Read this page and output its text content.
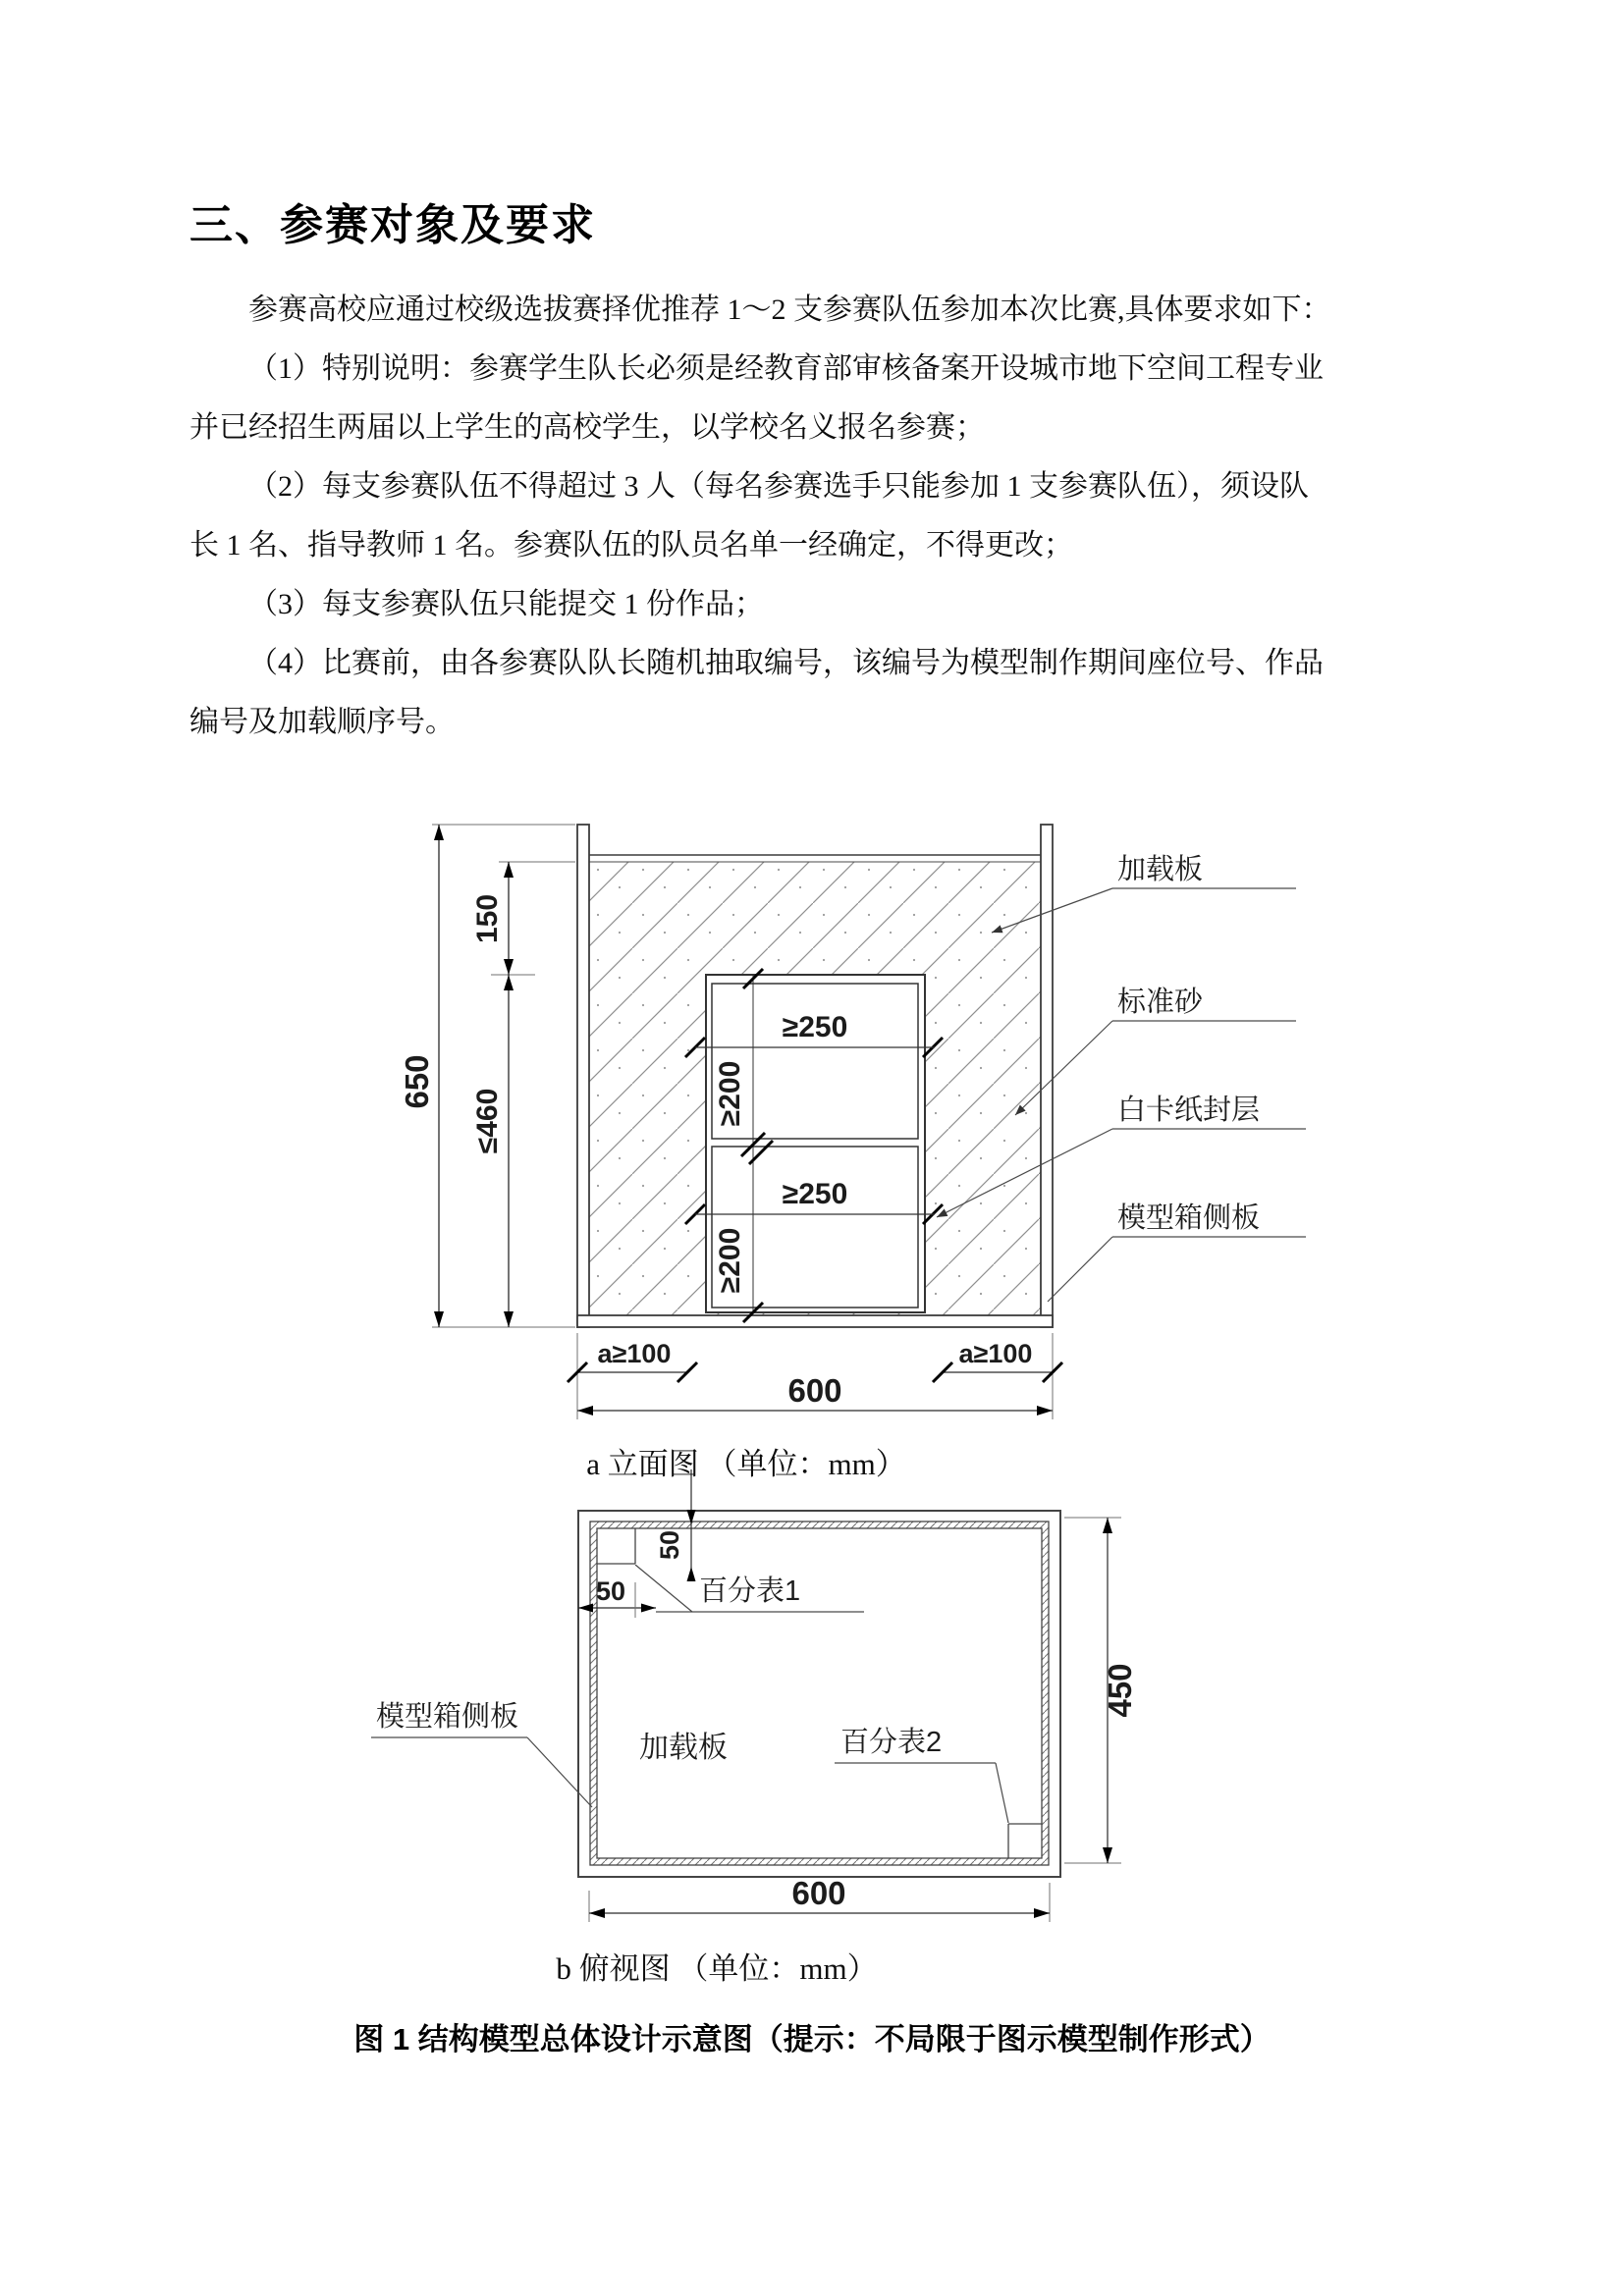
三、参赛对象及要求
参赛高校应通过校级选拔赛择优推荐 1～2 支参赛队伍参加本次比赛,具体要求如下：
（1）特别说明：参赛学生队长必须是经教育部审核备案开设城市地下空间工程专业
并已经招生两届以上学生的高校学生，以学校名义报名参赛；
（2）每支参赛队伍不得超过 3 人（每名参赛选手只能参加 1 支参赛队伍），须设队
长 1 名、指导教师 1 名。参赛队伍的队员名单一经确定，不得更改；
（3）每支参赛队伍只能提交 1 份作品；
（4）比赛前，由各参赛队队长随机抽取编号，该编号为模型制作期间座位号、作品
编号及加载顺序号。
≥250
≥200
≥250
≥200
650
150
≤460
a≥100	a≥100
600
加载板
标准砂
白卡纸封层
模型箱侧板
50
50	百分表1
百分表2
加载板
模型箱侧板	450
600
a 立面图 （单位：mm）
b 俯视图 （单位：mm）
图 1 结构模型总体设计示意图（提示：不局限于图示模型制作形式）
